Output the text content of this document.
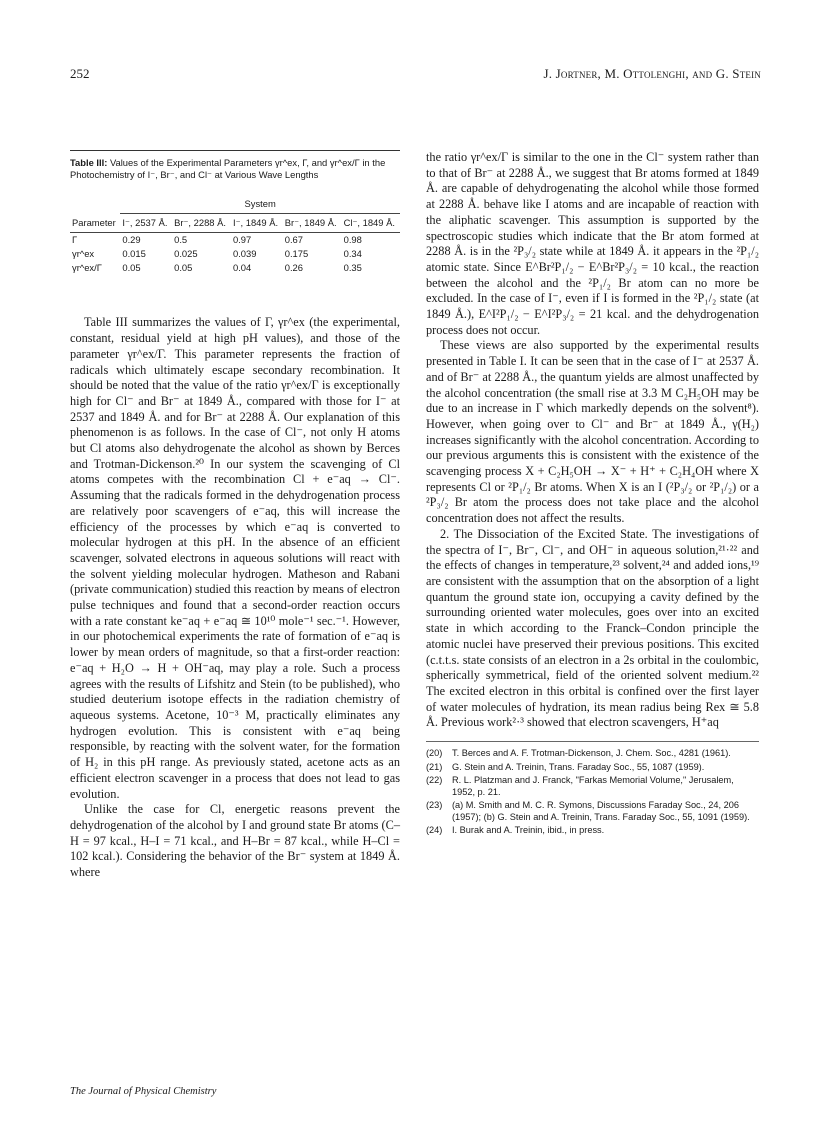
252	J. Jortner, M. Ottolenghi, and G. Stein
Table III: Values of the Experimental Parameters γr^ex, Γ, and γr^ex/Γ in the Photochemistry of I⁻, Br⁻, and Cl⁻ at Various Wave Lengths
	System				
Parameter	I⁻, 2537 Å.	Br⁻, 2288 Å.	I⁻, 1849 Å.	Br⁻, 1849 Å.	Cl⁻, 1849 Å.
Γ	0.29	0.5	0.97	0.67	0.98
γr^ex	0.015	0.025	0.039	0.175	0.34
γr^ex/Γ	0.05	0.05	0.04	0.26	0.35

Table III summarizes the values of Γ, γr^ex (the experimental, constant, residual yield at high pH values), and those of the parameter γr^ex/Γ. This parameter represents the fraction of radicals which ultimately escape secondary recombination. It should be noted that the value of the ratio γr^ex/Γ is exceptionally high for Cl⁻ and Br⁻ at 1849 Å., compared with those for I⁻ at 2537 and 1849 Å. and for Br⁻ at 2288 Å. Our explanation of this phenomenon is as follows. In the case of Cl⁻, not only H atoms but Cl atoms also dehydrogenate the alcohol as shown by Berces and Trotman-Dickenson.²⁰ In our system the scavenging of Cl atoms competes with the recombination Cl + e⁻aq → Cl⁻. Assuming that the radicals formed in the dehydrogenation process are relatively poor scavengers of e⁻aq, this will increase the efficiency of the processes by which e⁻aq is converted to molecular hydrogen at this pH. In the absence of an efficient scavenger, solvated electrons in aqueous solutions will react with the solvent yielding molecular hydrogen. Matheson and Rabani (private communication) studied this reaction by means of electron pulse techniques and found that a second-order reaction occurs with a rate constant ke⁻aq + e⁻aq ≅ 10¹⁰ mole⁻¹ sec.⁻¹. However, in our photochemical experiments the rate of formation of e⁻aq is lower by mean orders of magnitude, so that a first-order reaction: e⁻aq + H₂O → H + OH⁻aq, may play a role. Such a process agrees with the results of Lifshitz and Stein (to be published), who studied deuterium isotope effects in the radiation chemistry of aqueous systems. Acetone, 10⁻³ M, practically eliminates any hydrogen evolution. This is consistent with e⁻aq being responsible, by reacting with the solvent water, for the formation of H₂ in this pH range. As previously stated, acetone acts as an efficient electron scavenger in a process that does not lead to gas evolution.

Unlike the case for Cl, energetic reasons prevent the dehydrogenation of the alcohol by I and ground state Br atoms (C–H = 97 kcal., H–I = 71 kcal., and H–Br = 87 kcal., while H–Cl = 102 kcal.). Considering the behavior of the Br⁻ system at 1849 Å. where

the ratio γr^ex/Γ is similar to the one in the Cl⁻ system rather than to that of Br⁻ at 2288 Å., we suggest that Br atoms formed at 1849 Å. are capable of dehydrogenating the alcohol while those formed at 2288 Å. behave like I atoms and are incapable of reaction with the aliphatic scavenger. This assumption is supported by the spectroscopic studies which indicate that the Br atom formed at 2288 Å. is in the ²P₃/₂ state while at 1849 Å. it appears in the ²P₁/₂ atomic state. Since E^Br²P₁/₂ − E^Br²P₃/₂ = 10 kcal., the reaction between the alcohol and the ²P₁/₂ Br atom can no more be excluded. In the case of I⁻, even if I is formed in the ²P₁/₂ state (at 1849 Å.), E^I²P₁/₂ − E^I²P₃/₂ = 21 kcal. and the dehydrogenation process does not occur.

These views are also supported by the experimental results presented in Table I. It can be seen that in the case of I⁻ at 2537 Å. and of Br⁻ at 2288 Å., the quantum yields are almost unaffected by the alcohol concentration (the small rise at 3.3 M C₂H₅OH may be due to an increase in Γ which markedly depends on the solvent⁸). However, when going over to Cl⁻ and Br⁻ at 1849 Å., γ(H₂) increases significantly with the alcohol concentration. According to our previous arguments this is consistent with the existence of the scavenging process X + C₂H₅OH → X⁻ + H⁺ + C₂H₄OH where X represents Cl or ²P₁/₂ Br atoms. When X is an I (²P₃/₂ or ²P₁/₂) or a ²P₃/₂ Br atom the process does not take place and the alcohol concentration does not affect the results.

2. The Dissociation of the Excited State. The investigations of the spectra of I⁻, Br⁻, Cl⁻, and OH⁻ in aqueous solution,²¹·²² and the effects of changes in temperature,²³ solvent,²⁴ and added ions,¹⁹ are consistent with the assumption that on the absorption of a light quantum the ground state ion, occupying a cavity defined by the surrounding oriented water molecules, goes over into an excited state in which according to the Franck–Condon principle the atomic nuclei have preserved their previous positions. This excited (c.t.t.s. state consists of an electron in a 2s orbital in the coulombic, spherically symmetrical, field of the oriented solvent medium.²² The excited electron in this orbital is confined over the first layer of water molecules of hydration, its mean radius being Rex ≅ 5.8 Å. Previous work²·³ showed that electron scavengers, H⁺aq

(20)	T. Berces and A. F. Trotman-Dickenson, J. Chem. Soc., 4281 (1961).
(21)	G. Stein and A. Treinin, Trans. Faraday Soc., 55, 1087 (1959).
(22)	R. L. Platzman and J. Franck, "Farkas Memorial Volume," Jerusalem, 1952, p. 21.
(23)	(a) M. Smith and M. C. R. Symons, Discussions Faraday Soc., 24, 206 (1957); (b) G. Stein and A. Treinin, Trans. Faraday Soc., 55, 1091 (1959).
(24)	I. Burak and A. Treinin, ibid., in press.
The Journal of Physical Chemistry
